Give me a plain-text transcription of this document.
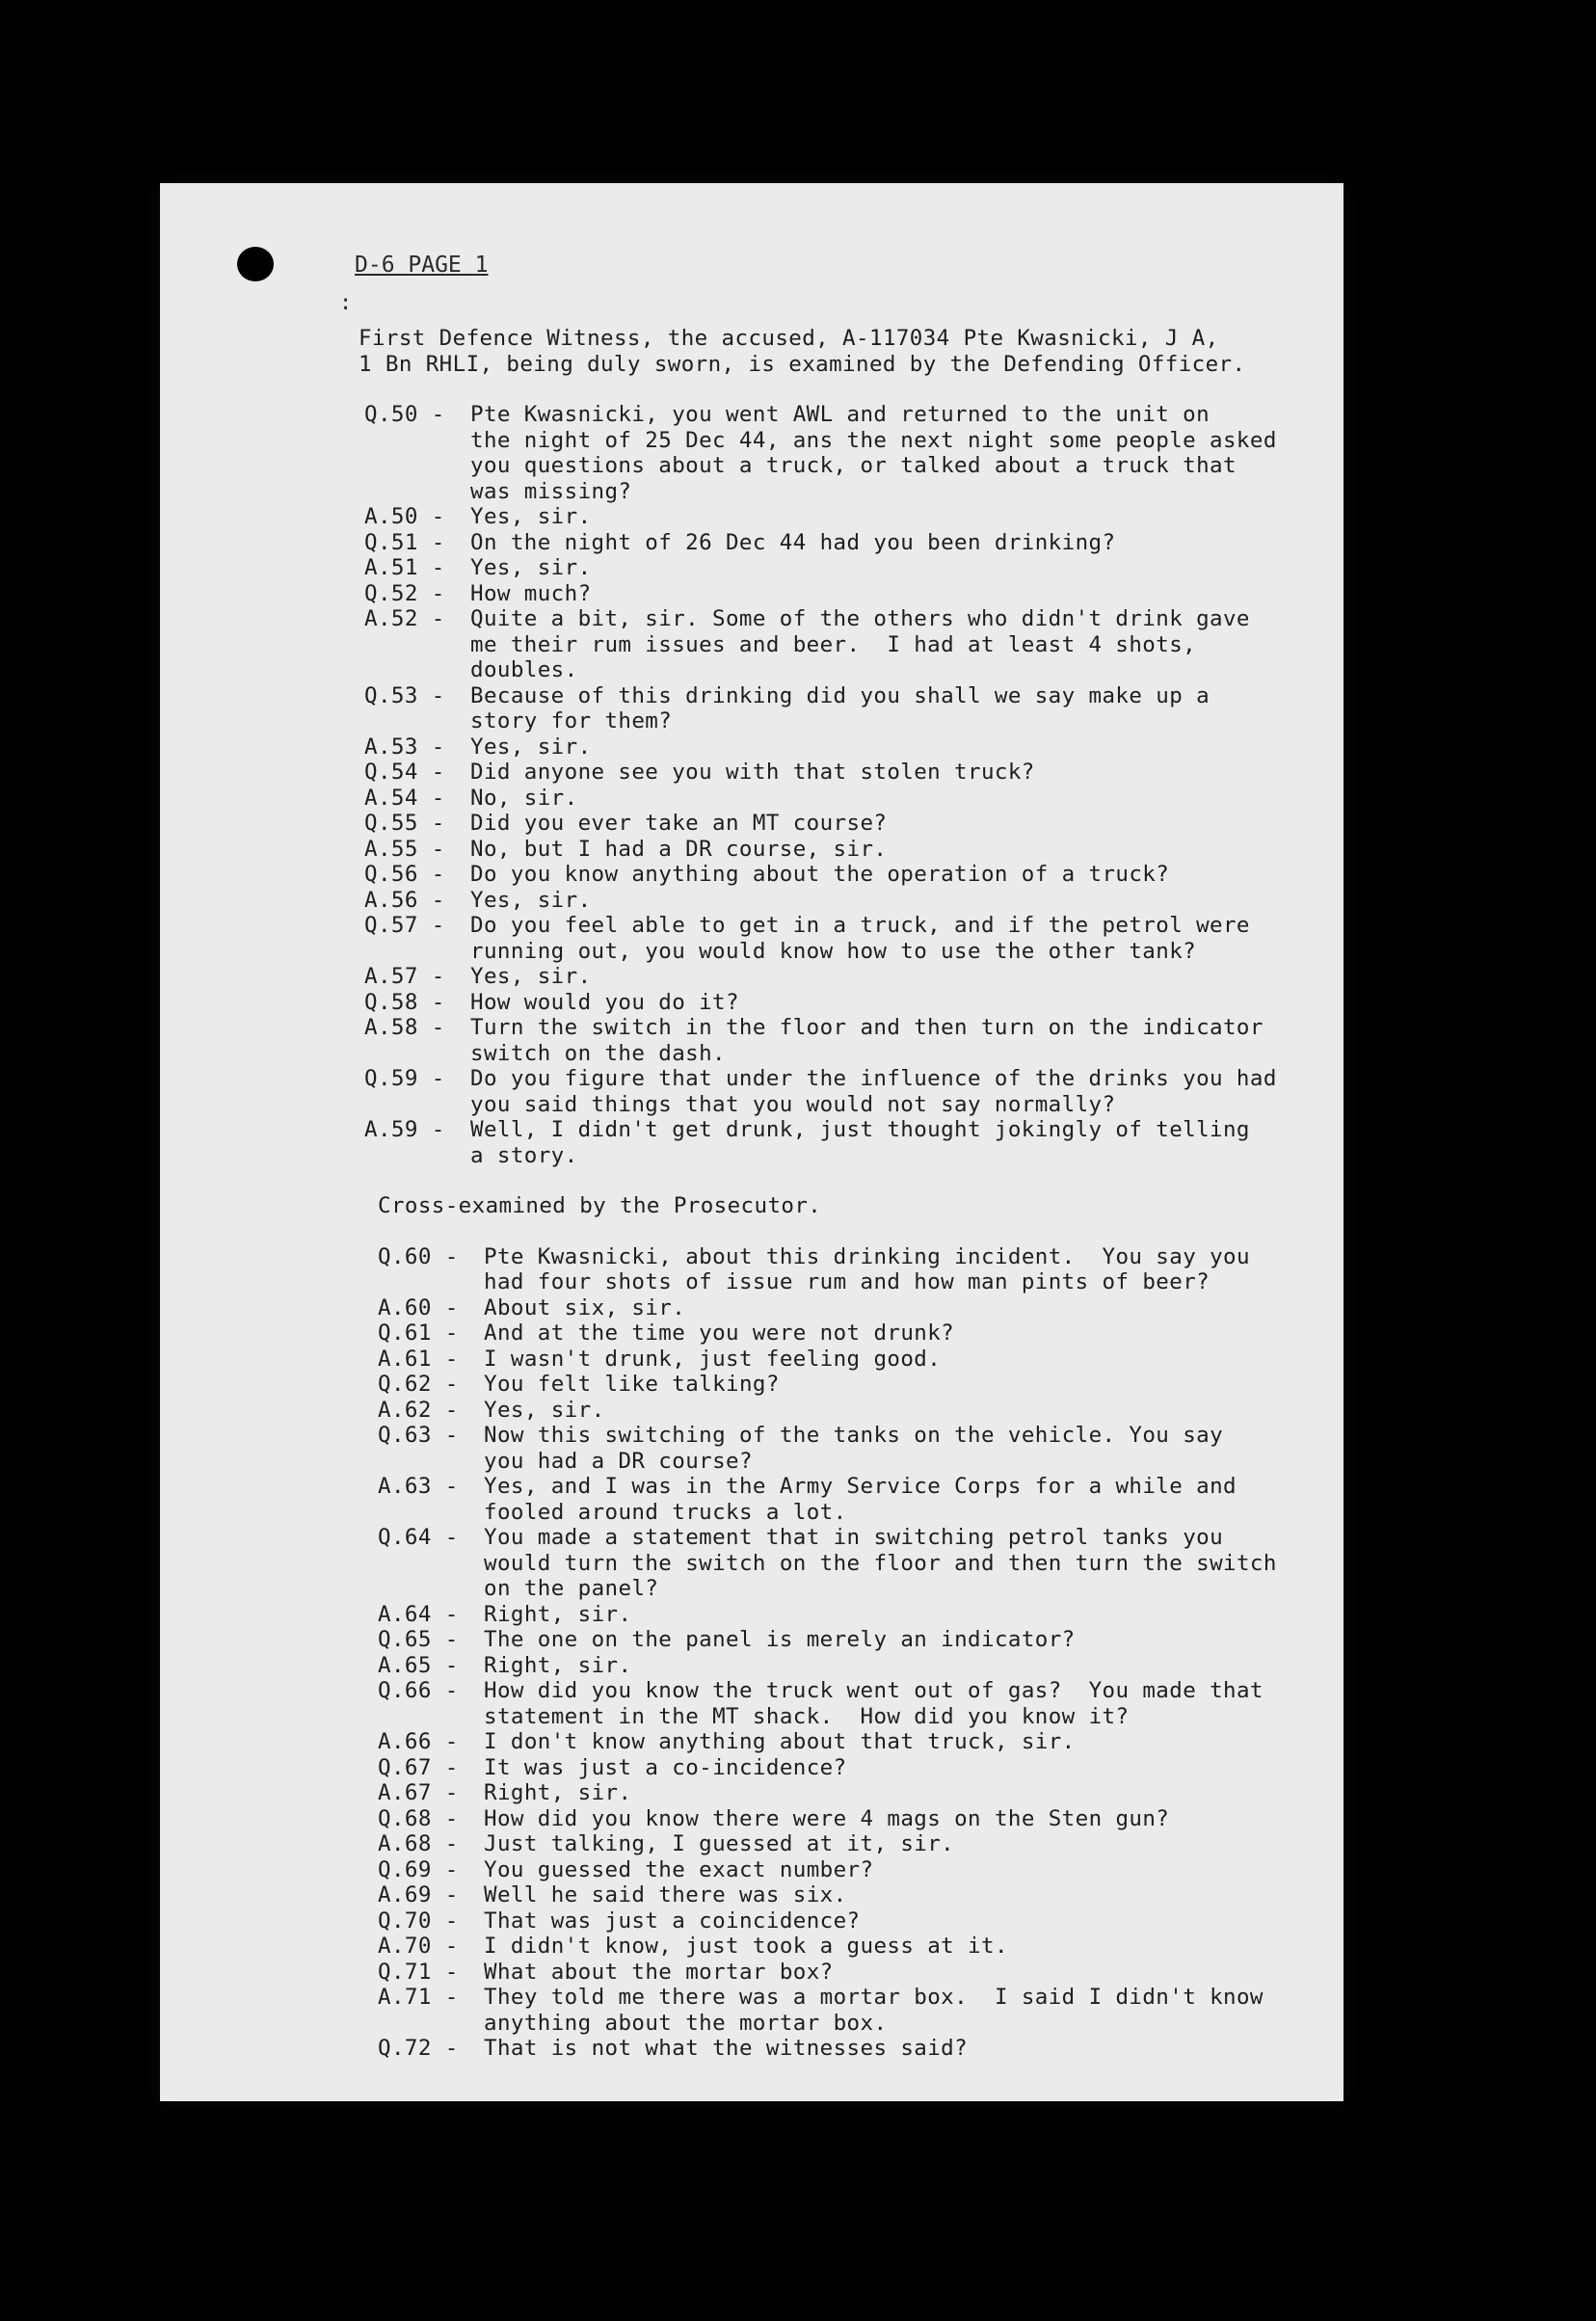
D-6 PAGE 1
:
First Defence Witness, the accused, A-117034 Pte Kwasnicki, J A,
1 Bn RHLI, being duly sworn, is examined by the Defending Officer.
Q.50 -	Pte Kwasnicki, you went AWL and returned to the unit on
the night of 25 Dec 44, ans the next night some people asked
you questions about a truck, or talked about a truck that
was missing?
A.50 -	Yes, sir.
Q.51 -	On the night of 26 Dec 44 had you been drinking?
A.51 -	Yes, sir.
Q.52 -	How much?
A.52 -	Quite a bit, sir. Some of the others who didn't drink gave
me their rum issues and beer.  I had at least 4 shots,
doubles.
Q.53 -	Because of this drinking did you shall we say make up a
story for them?
A.53 -	Yes, sir.
Q.54 -	Did anyone see you with that stolen truck?
A.54 -	No, sir.
Q.55 -	Did you ever take an MT course?
A.55 -	No, but I had a DR course, sir.
Q.56 -	Do you know anything about the operation of a truck?
A.56 -	Yes, sir.
Q.57 -	Do you feel able to get in a truck, and if the petrol were
running out, you would know how to use the other tank?
A.57 -	Yes, sir.
Q.58 -	How would you do it?
A.58 -	Turn the switch in the floor and then turn on the indicator
switch on the dash.
Q.59 -	Do you figure that under the influence of the drinks you had
you said things that you would not say normally?
A.59 -	Well, I didn't get drunk, just thought jokingly of telling
a story.
Cross-examined by the Prosecutor.
Q.60 -	Pte Kwasnicki, about this drinking incident.  You say you
had four shots of issue rum and how man pints of beer?
A.60 -	About six, sir.
Q.61 -	And at the time you were not drunk?
A.61 -	I wasn't drunk, just feeling good.
Q.62 -	You felt like talking?
A.62 -	Yes, sir.
Q.63 -	Now this switching of the tanks on the vehicle. You say
you had a DR course?
A.63 -	Yes, and I was in the Army Service Corps for a while and
fooled around trucks a lot.
Q.64 -	You made a statement that in switching petrol tanks you
would turn the switch on the floor and then turn the switch
on the panel?
A.64 -	Right, sir.
Q.65 -	The one on the panel is merely an indicator?
A.65 -	Right, sir.
Q.66 -	How did you know the truck went out of gas?  You made that
statement in the MT shack.  How did you know it?
A.66 -	I don't know anything about that truck, sir.
Q.67 -	It was just a co-incidence?
A.67 -	Right, sir.
Q.68 -	How did you know there were 4 mags on the Sten gun?
A.68 -	Just talking, I guessed at it, sir.
Q.69 -	You guessed the exact number?
A.69 -	Well he said there was six.
Q.70 -	That was just a coincidence?
A.70 -	I didn't know, just took a guess at it.
Q.71 -	What about the mortar box?
A.71 -	They told me there was a mortar box.  I said I didn't know
anything about the mortar box.
Q.72 -	That is not what the witnesses said?
